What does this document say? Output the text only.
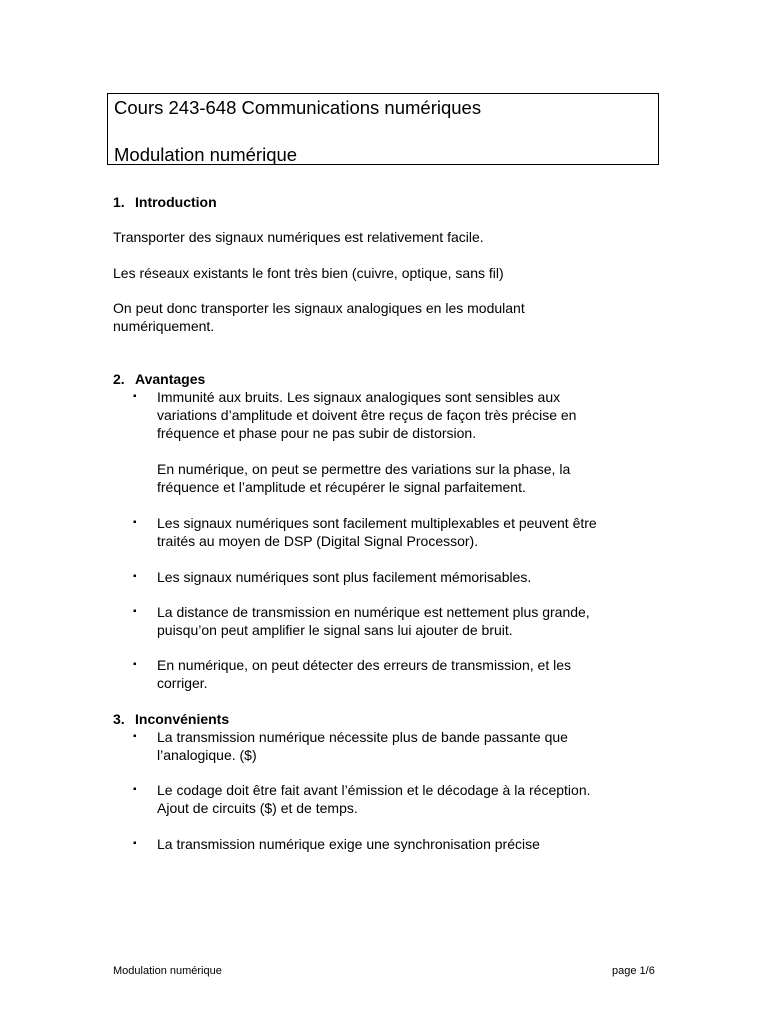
Cours 243-648 Communications numériques
Modulation numérique
1. Introduction
Transporter des signaux numériques est relativement facile.
Les réseaux existants le font très bien (cuivre, optique, sans fil)
On peut donc transporter les signaux analogiques en les modulant
numériquement.
2. Avantages
▪ Immunité aux bruits. Les signaux analogiques sont sensibles aux
variations d’amplitude et doivent être reçus de façon très précise en
fréquence et phase pour ne pas subir de distorsion.
En numérique, on peut se permettre des variations sur la phase, la
fréquence et l’amplitude et récupérer le signal parfaitement.
▪ Les signaux numériques sont facilement multiplexables et peuvent être
traités au moyen de DSP (Digital Signal Processor).
▪ Les signaux numériques sont plus facilement mémorisables.
▪ La distance de transmission en numérique est nettement plus grande,
puisqu’on peut amplifier le signal sans lui ajouter de bruit.
▪ En numérique, on peut détecter des erreurs de transmission, et les
corriger.
3. Inconvénients
▪ La transmission numérique nécessite plus de bande passante que
l’analogique. ($)
▪ Le codage doit être fait avant l’émission et le décodage à la réception.
Ajout de circuits ($) et de temps.
▪ La transmission numérique exige une synchronisation précise
Modulation numérique	page 1/6
